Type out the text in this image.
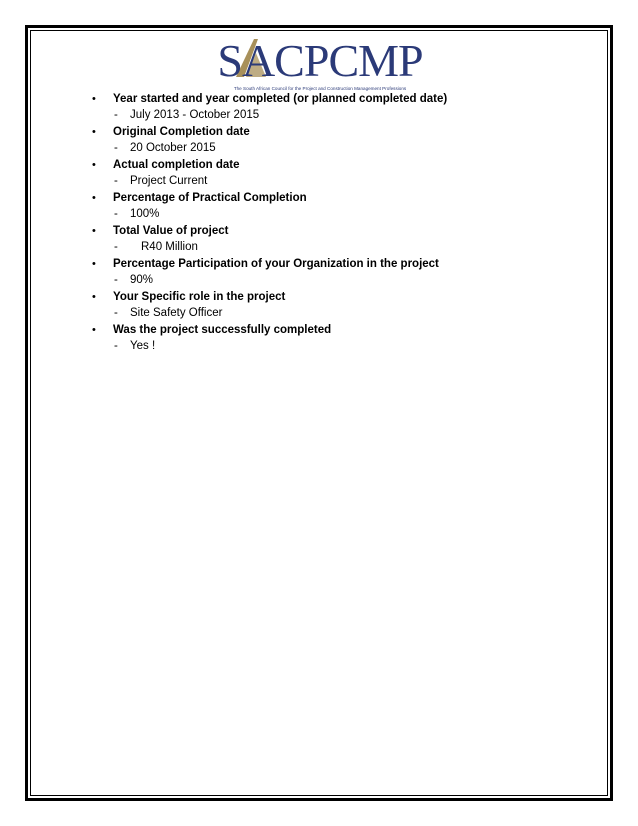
SACPCMP
The South African Council for the Project and Construction Management Professions
• Year started and year completed (or planned completed date)
- July 2013 - October 2015
• Original Completion date
- 20 October 2015
• Actual completion date
- Project Current
• Percentage of Practical Completion
- 100%
• Total Value of project
- R40 Million
• Percentage Participation of your Organization in the project
- 90%
• Your Specific role in the project
- Site Safety Officer
• Was the project successfully completed
- Yes !
